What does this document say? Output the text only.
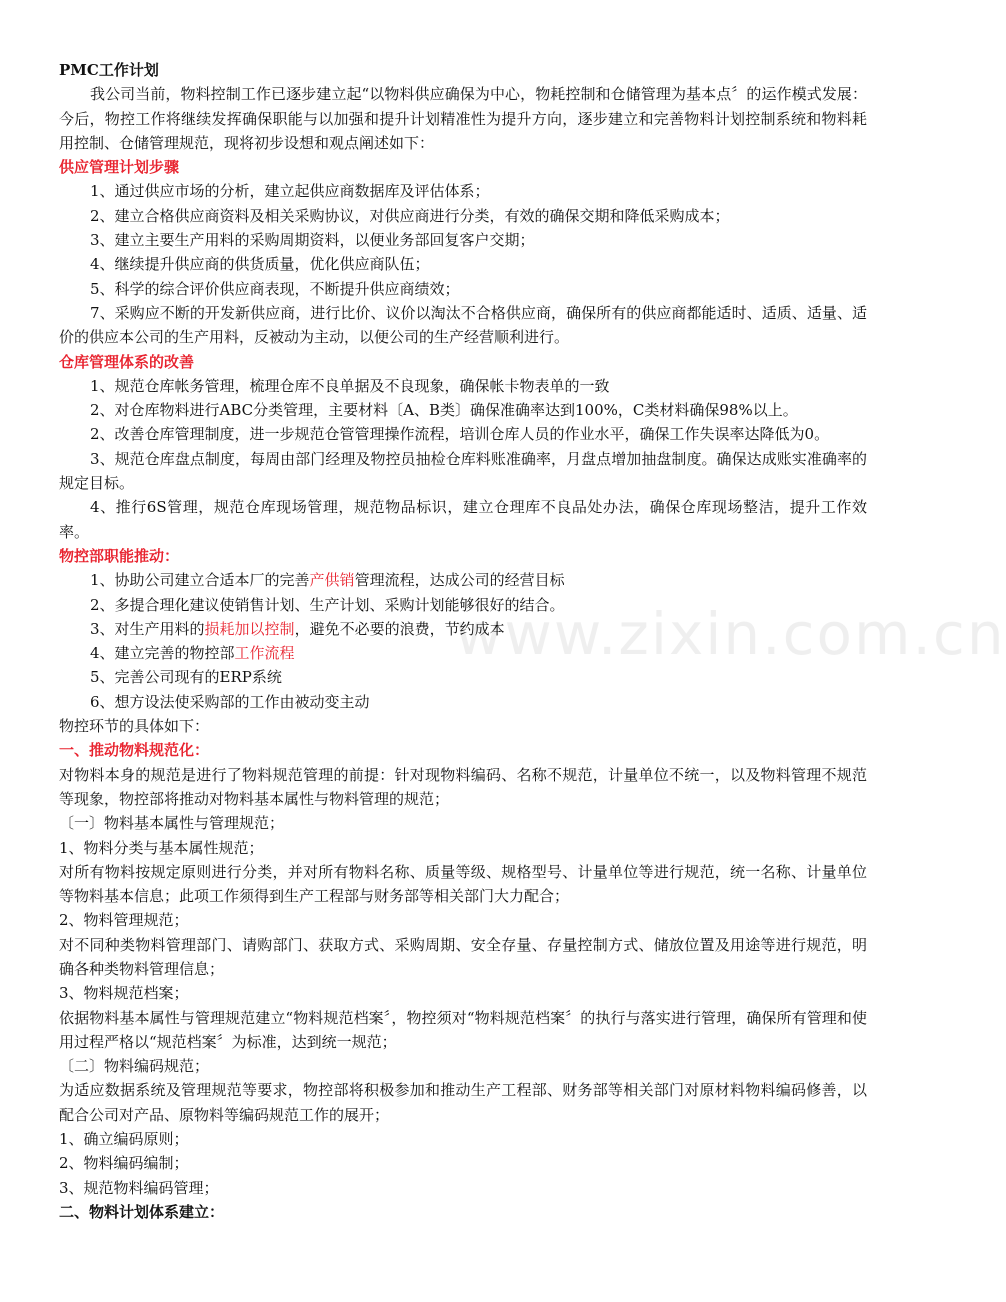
www.zixin.com.cn

PMC工作计划

我公司当前，物料控制工作已逐步建立起“以物料供应确保为中心，物耗控制和仓储管理为基本点〞的运作模式发展：今后，物控工作将继续发挥确保职能与以加强和提升计划精准性为提升方向，逐步建立和完善物料计划控制系统和物料耗用控制、仓储管理规范，现将初步设想和观点阐述如下：

供应管理计划步骤

1、通过供应市场的分析，建立起供应商数据库及评估体系；

2、建立合格供应商资料及相关采购协议，对供应商进行分类，有效的确保交期和降低采购成本；

3、建立主要生产用料的采购周期资料，以便业务部回复客户交期；

4、继续提升供应商的供货质量，优化供应商队伍；

5、科学的综合评价供应商表现，不断提升供应商绩效；

7、采购应不断的开发新供应商，进行比价、议价以淘汰不合格供应商，确保所有的供应商都能适时、适质、适量、适价的供应本公司的生产用料，反被动为主动，以便公司的生产经营顺利进行。

仓库管理体系的改善

1、规范仓库帐务管理，梳理仓库不良单据及不良现象，确保帐卡物表单的一致

2、对仓库物料进行ABC分类管理，主要材料〔A、B类〕确保准确率达到100%，C类材料确保98%以上。

2、改善仓库管理制度，进一步规范仓管管理操作流程，培训仓库人员的作业水平，确保工作失误率达降低为0。

3、规范仓库盘点制度，每周由部门经理及物控员抽检仓库料账准确率，月盘点增加抽盘制度。确保达成账实准确率的规定目标。

4、推行6S管理，规范仓库现场管理，规范物品标识，建立仓理库不良品处办法，确保仓库现场整洁，提升工作效率。

物控部职能推动：

1、协助公司建立合适本厂的完善产供销管理流程，达成公司的经营目标

2、多提合理化建议使销售计划、生产计划、采购计划能够很好的结合。

3、对生产用料的损耗加以控制，避免不必要的浪费，节约成本

4、建立完善的物控部工作流程

5、完善公司现有的ERP系统

6、想方设法使采购部的工作由被动变主动

物控环节的具体如下：

一、推动物料规范化：

对物料本身的规范是进行了物料规范管理的前提：针对现物料编码、名称不规范，计量单位不统一，以及物料管理不规范等现象，物控部将推动对物料基本属性与物料管理的规范；

〔一〕物料基本属性与管理规范；

1、物料分类与基本属性规范；

对所有物料按规定原则进行分类，并对所有物料名称、质量等级、规格型号、计量单位等进行规范，统一名称、计量单位等物料基本信息；此项工作须得到生产工程部与财务部等相关部门大力配合；

2、物料管理规范；

对不同种类物料管理部门、请购部门、获取方式、采购周期、安全存量、存量控制方式、储放位置及用途等进行规范，明确各种类物料管理信息；

3、物料规范档案；

依据物料基本属性与管理规范建立“物料规范档案〞，物控须对“物料规范档案〞的执行与落实进行管理，确保所有管理和使用过程严格以“规范档案〞为标准，达到统一规范；

〔二〕物料编码规范；

为适应数据系统及管理规范等要求，物控部将积极参加和推动生产工程部、财务部等相关部门对原材料物料编码修善，以配合公司对产品、原物料等编码规范工作的展开；

1、确立编码原则；

2、物料编码编制；

3、规范物料编码管理；

二、物料计划体系建立：
